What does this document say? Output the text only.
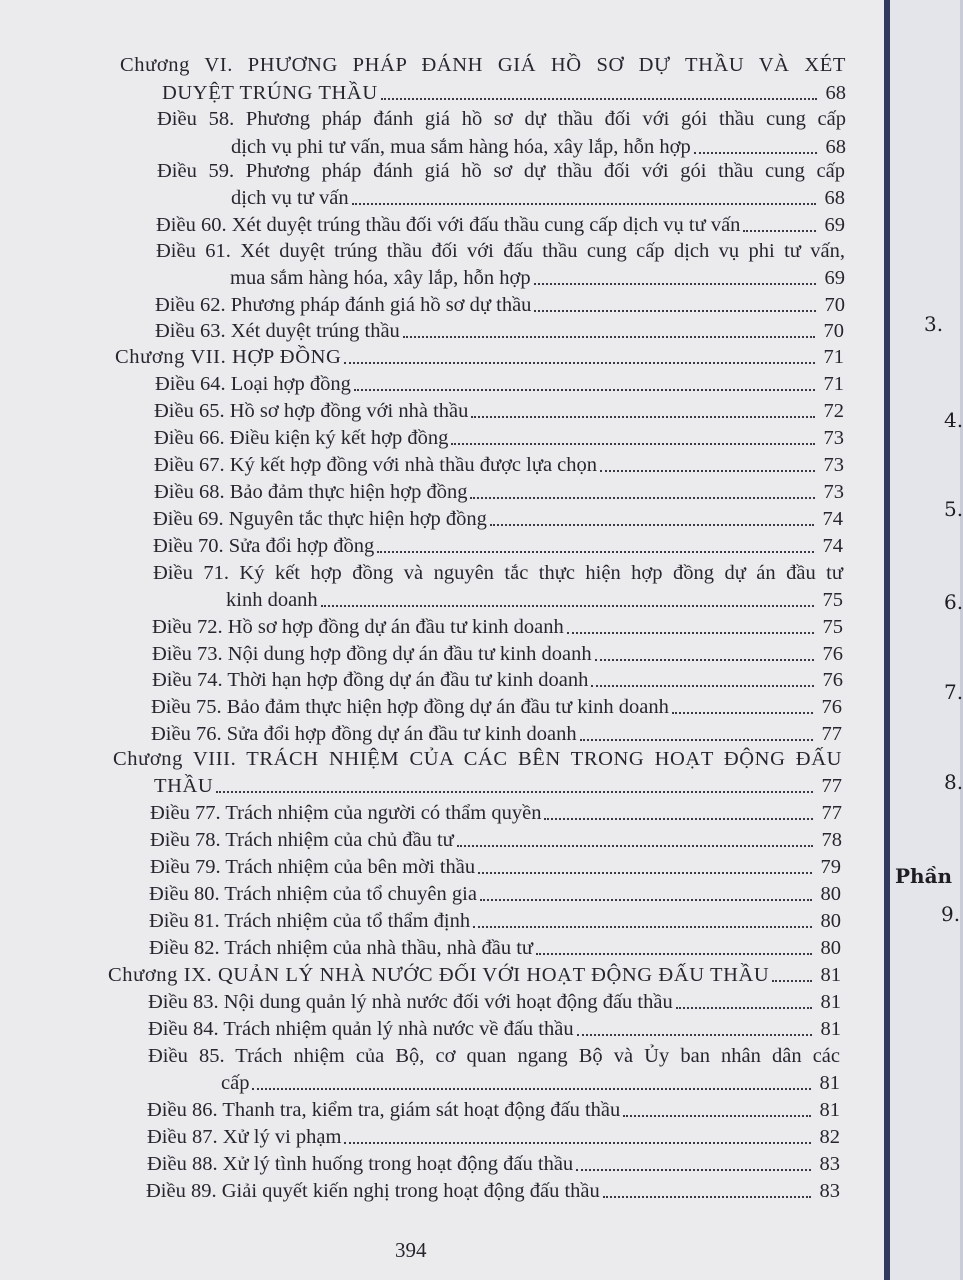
Chương VI. PHƯƠNG PHÁP ĐÁNH GIÁ HỒ SƠ DỰ THẦU VÀ XÉT
DUYỆT TRÚNG THẦU	68
Điều 58. Phương pháp đánh giá hồ sơ dự thầu đối với gói thầu cung cấp
dịch vụ phi tư vấn, mua sắm hàng hóa, xây lắp, hỗn hợp	68
Điều 59. Phương pháp đánh giá hồ sơ dự thầu đối với gói thầu cung cấp
dịch vụ tư vấn	68
Điều 60. Xét duyệt trúng thầu đối với đấu thầu cung cấp dịch vụ tư vấn	69
Điều 61. Xét duyệt trúng thầu đối với đấu thầu cung cấp dịch vụ phi tư vấn,
mua sắm hàng hóa, xây lắp, hỗn hợp	69
Điều 62. Phương pháp đánh giá hồ sơ dự thầu	70
Điều 63. Xét duyệt trúng thầu	70
Chương VII. HỢP ĐỒNG	71
Điều 64. Loại hợp đồng	71
Điều 65. Hồ sơ hợp đồng với nhà thầu	72
Điều 66. Điều kiện ký kết hợp đồng	73
Điều 67. Ký kết hợp đồng với nhà thầu được lựa chọn	73
Điều 68. Bảo đảm thực hiện hợp đồng	73
Điều 69. Nguyên tắc thực hiện hợp đồng	74
Điều 70. Sửa đổi hợp đồng	74
Điều 71. Ký kết hợp đồng và nguyên tắc thực hiện hợp đồng dự án đầu tư
kinh doanh	75
Điều 72. Hồ sơ hợp đồng dự án đầu tư kinh doanh	75
Điều 73. Nội dung hợp đồng dự án đầu tư kinh doanh	76
Điều 74. Thời hạn hợp đồng dự án đầu tư kinh doanh	76
Điều 75. Bảo đảm thực hiện hợp đồng dự án đầu tư kinh doanh	76
Điều 76. Sửa đổi hợp đồng dự án đầu tư kinh doanh	77
Chương VIII. TRÁCH NHIỆM CỦA CÁC BÊN TRONG HOẠT ĐỘNG ĐẤU
THẦU	77
Điều 77. Trách nhiệm của người có thẩm quyền	77
Điều 78. Trách nhiệm của chủ đầu tư	78
Điều 79. Trách nhiệm của bên mời thầu	79
Điều 80. Trách nhiệm của tổ chuyên gia	80
Điều 81. Trách nhiệm của tổ thẩm định	80
Điều 82. Trách nhiệm của nhà thầu, nhà đầu tư	80
Chương IX. QUẢN LÝ NHÀ NƯỚC ĐỐI VỚI HOẠT ĐỘNG ĐẤU THẦU 81
Điều 83. Nội dung quản lý nhà nước đối với hoạt động đấu thầu	81
Điều 84. Trách nhiệm quản lý nhà nước về đấu thầu	81
Điều 85. Trách nhiệm của Bộ, cơ quan ngang Bộ và Ủy ban nhân dân các
cấp	81
Điều 86. Thanh tra, kiểm tra, giám sát hoạt động đấu thầu	81
Điều 87. Xử lý vi phạm	82
Điều 88. Xử lý tình huống trong hoạt động đấu thầu	83
Điều 89. Giải quyết kiến nghị trong hoạt động đấu thầu	83
394
3.
4.
5.
6.
7.
8.
Phần
9.
